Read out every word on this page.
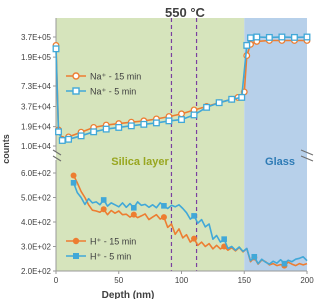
1.0E+04
1.9E+04
3.7E+04
7.3E+04
1.9E+05
3.7E+05
2.0E+02
3.0E+02
4.0E+02
5.0E+02
6.0E+02
0	50	100	150	200
550 °C
counts
Depth (nm)
Silica layer	Glass
Na⁺ - 15 min
Na⁺ - 5 min
H⁺ - 15 min
H⁺ - 5 min
